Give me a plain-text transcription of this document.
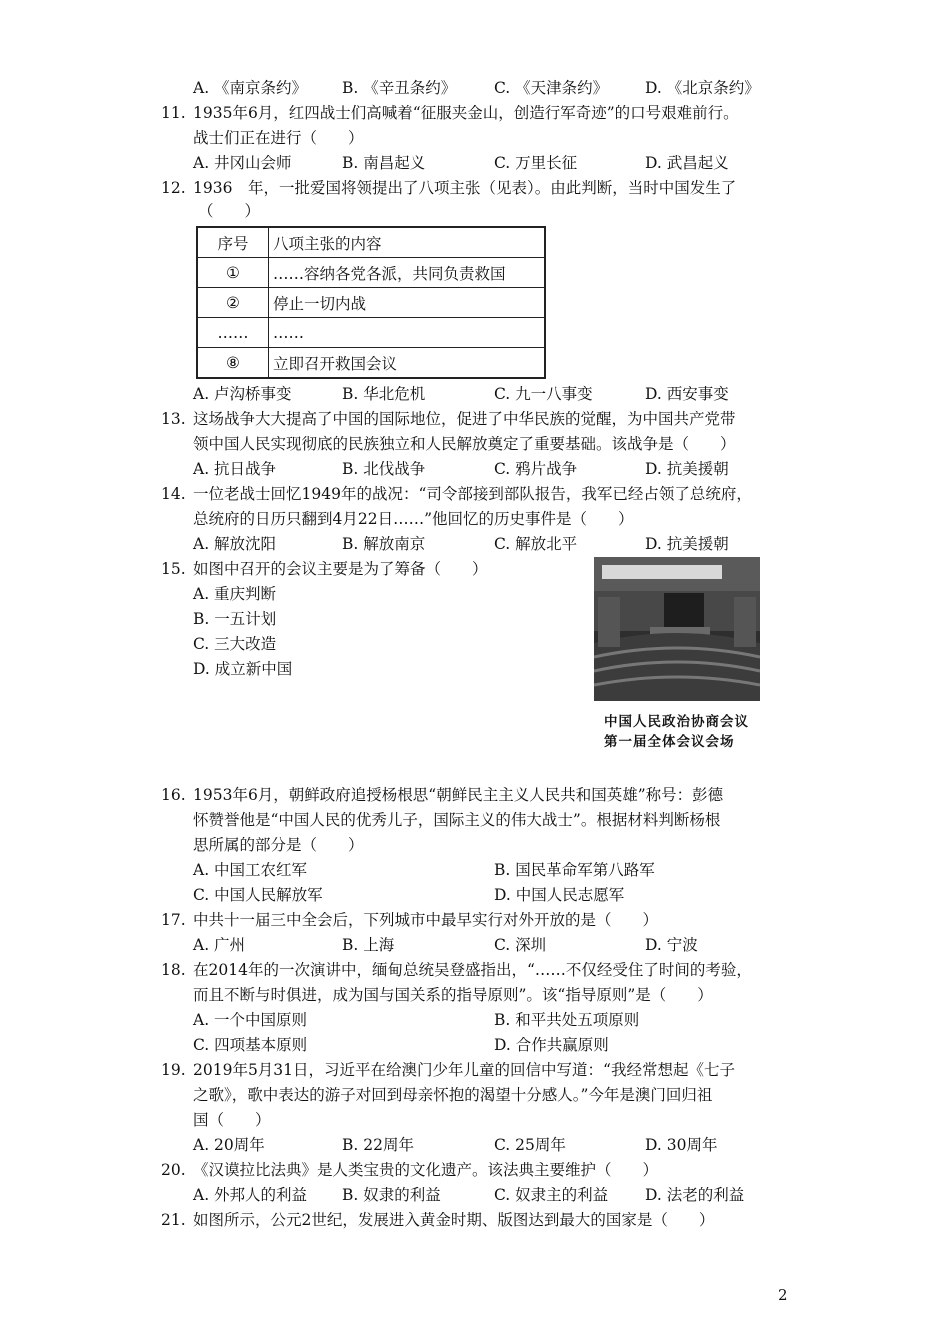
A. 《南京条约》 B. 《辛丑条约》 C. 《天津条约》 D. 《北京条约》
11. 1935年6月，红四战士们高喊着“征服夹金山，创造行军奇迹”的口号艰难前行。
战士们正在进行（　　）
A. 井冈山会师	B. 南昌起义	C. 万里长征	D. 武昌起义
12. 1936　年，一批爱国将领提出了八项主张（见表）。由此判断，当时中国发生了
（　　）
序号	八项主张的内容
①	……容纳各党各派，共同负责救国
②	停止一切内战
……	……
⑧	立即召开救国会议
A. 卢沟桥事变	B. 华北危机	C. 九一八事变	D. 西安事变
13. 这场战争大大提高了中国的国际地位，促进了中华民族的觉醒，为中国共产党带
领中国人民实现彻底的民族独立和人民解放奠定了重要基础。该战争是（　　）
A. 抗日战争	B. 北伐战争	C. 鸦片战争	D. 抗美援朝
14. 一位老战士回忆1949年的战况：“司令部接到部队报告，我军已经占领了总统府，
总统府的日历只翻到4月22日……”他回忆的历史事件是（　　）
A. 解放沈阳	B. 解放南京	C. 解放北平	D. 抗美援朝
15. 如图中召开的会议主要是为了筹备（　　）
A. 重庆判断
B. 一五计划
C. 三大改造
D. 成立新中国
中国人民政治协商会议
第一届全体会议会场
16. 1953年6月，朝鲜政府追授杨根思“朝鲜民主主义人民共和国英雄”称号：彭德
怀赞誉他是“中国人民的优秀儿子，国际主义的伟大战士”。根据材料判断杨根
思所属的部分是（　　）
A. 中国工农红军	B. 国民革命军第八路军
C. 中国人民解放军	D. 中国人民志愿军
17. 中共十一届三中全会后，下列城市中最早实行对外开放的是（　　）
A. 广州	B. 上海	C. 深圳	D. 宁波
18. 在2014年的一次演讲中，缅甸总统吴登盛指出，“……不仅经受住了时间的考验，
而且不断与时俱进，成为国与国关系的指导原则”。该“指导原则”是（　　）
A. 一个中国原则	B. 和平共处五项原则
C. 四项基本原则	D. 合作共赢原则
19. 2019年5月31日，习近平在给澳门少年儿童的回信中写道：“我经常想起《七子
之歌》，歌中表达的游子对回到母亲怀抱的渴望十分感人。”今年是澳门回归祖
国（　　）
A. 20周年	B. 22周年	C. 25周年	D. 30周年
20. 《汉谟拉比法典》是人类宝贵的文化遗产。该法典主要维护（　　）
A. 外邦人的利益 B. 奴隶的利益	C. 奴隶主的利益 D. 法老的利益
21. 如图所示，公元2世纪，发展进入黄金时期、版图达到最大的国家是（　　）
2
